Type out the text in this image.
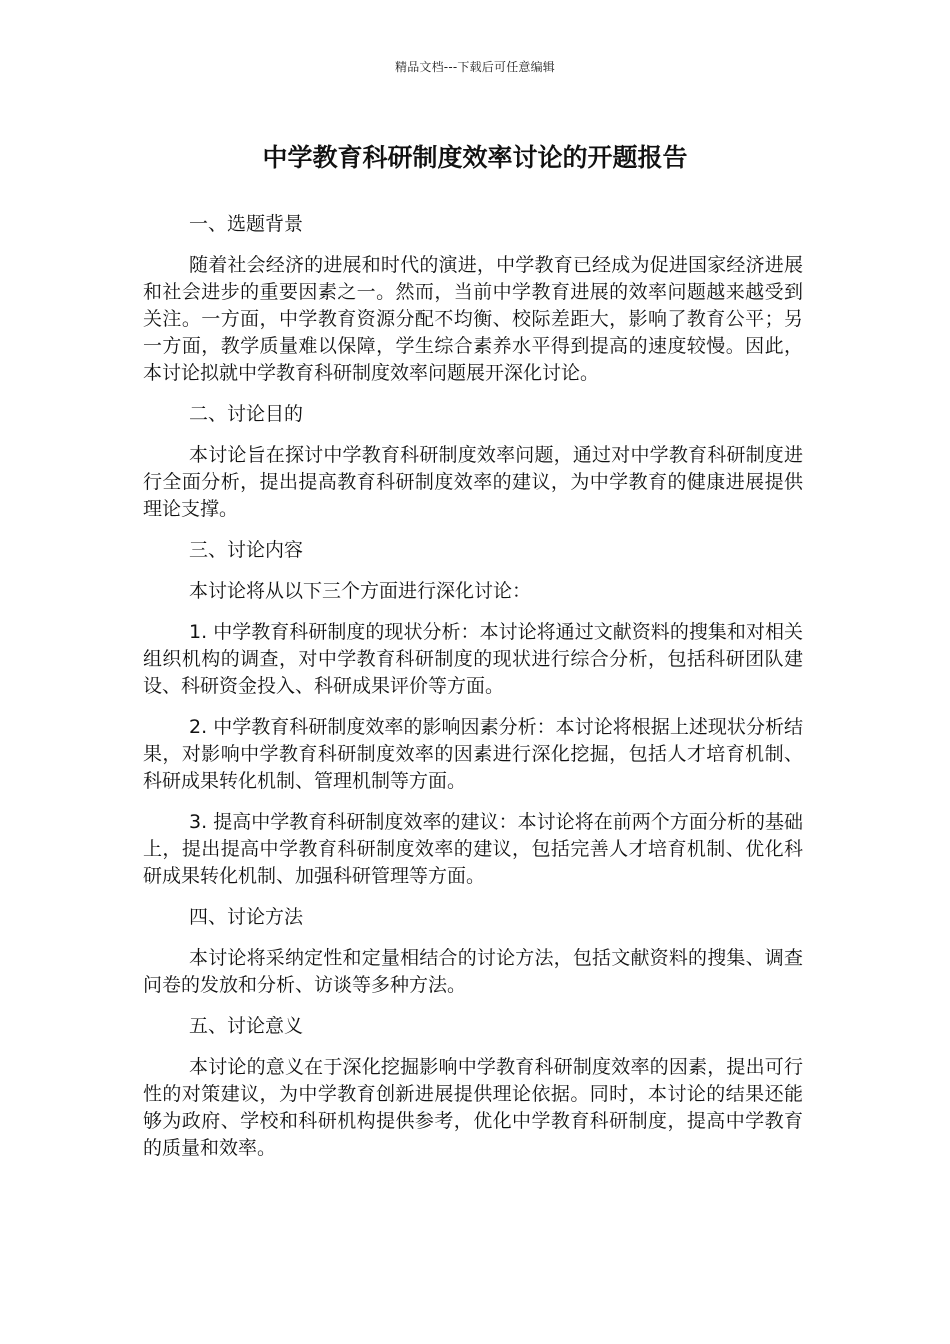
精品文档---下载后可任意编辑
中学教育科研制度效率讨论的开题报告

一、选题背景

随着社会经济的进展和时代的演进，中学教育已经成为促进国家经济进展和社会进步的重要因素之一。然而，当前中学教育进展的效率问题越来越受到关注。一方面，中学教育资源分配不均衡、校际差距大，影响了教育公平；另一方面，教学质量难以保障，学生综合素养水平得到提高的速度较慢。因此，本讨论拟就中学教育科研制度效率问题展开深化讨论。

二、讨论目的

本讨论旨在探讨中学教育科研制度效率问题，通过对中学教育科研制度进行全面分析，提出提高教育科研制度效率的建议，为中学教育的健康进展提供理论支撑。

三、讨论内容

本讨论将从以下三个方面进行深化讨论：

1. 中学教育科研制度的现状分析：本讨论将通过文献资料的搜集和对相关组织机构的调查，对中学教育科研制度的现状进行综合分析，包括科研团队建设、科研资金投入、科研成果评价等方面。

2. 中学教育科研制度效率的影响因素分析：本讨论将根据上述现状分析结果，对影响中学教育科研制度效率的因素进行深化挖掘，包括人才培育机制、科研成果转化机制、管理机制等方面。

3. 提高中学教育科研制度效率的建议：本讨论将在前两个方面分析的基础上，提出提高中学教育科研制度效率的建议，包括完善人才培育机制、优化科研成果转化机制、加强科研管理等方面。

四、讨论方法

本讨论将采纳定性和定量相结合的讨论方法，包括文献资料的搜集、调查问卷的发放和分析、访谈等多种方法。

五、讨论意义

本讨论的意义在于深化挖掘影响中学教育科研制度效率的因素，提出可行性的对策建议，为中学教育创新进展提供理论依据。同时，本讨论的结果还能够为政府、学校和科研机构提供参考，优化中学教育科研制度，提高中学教育的质量和效率。
